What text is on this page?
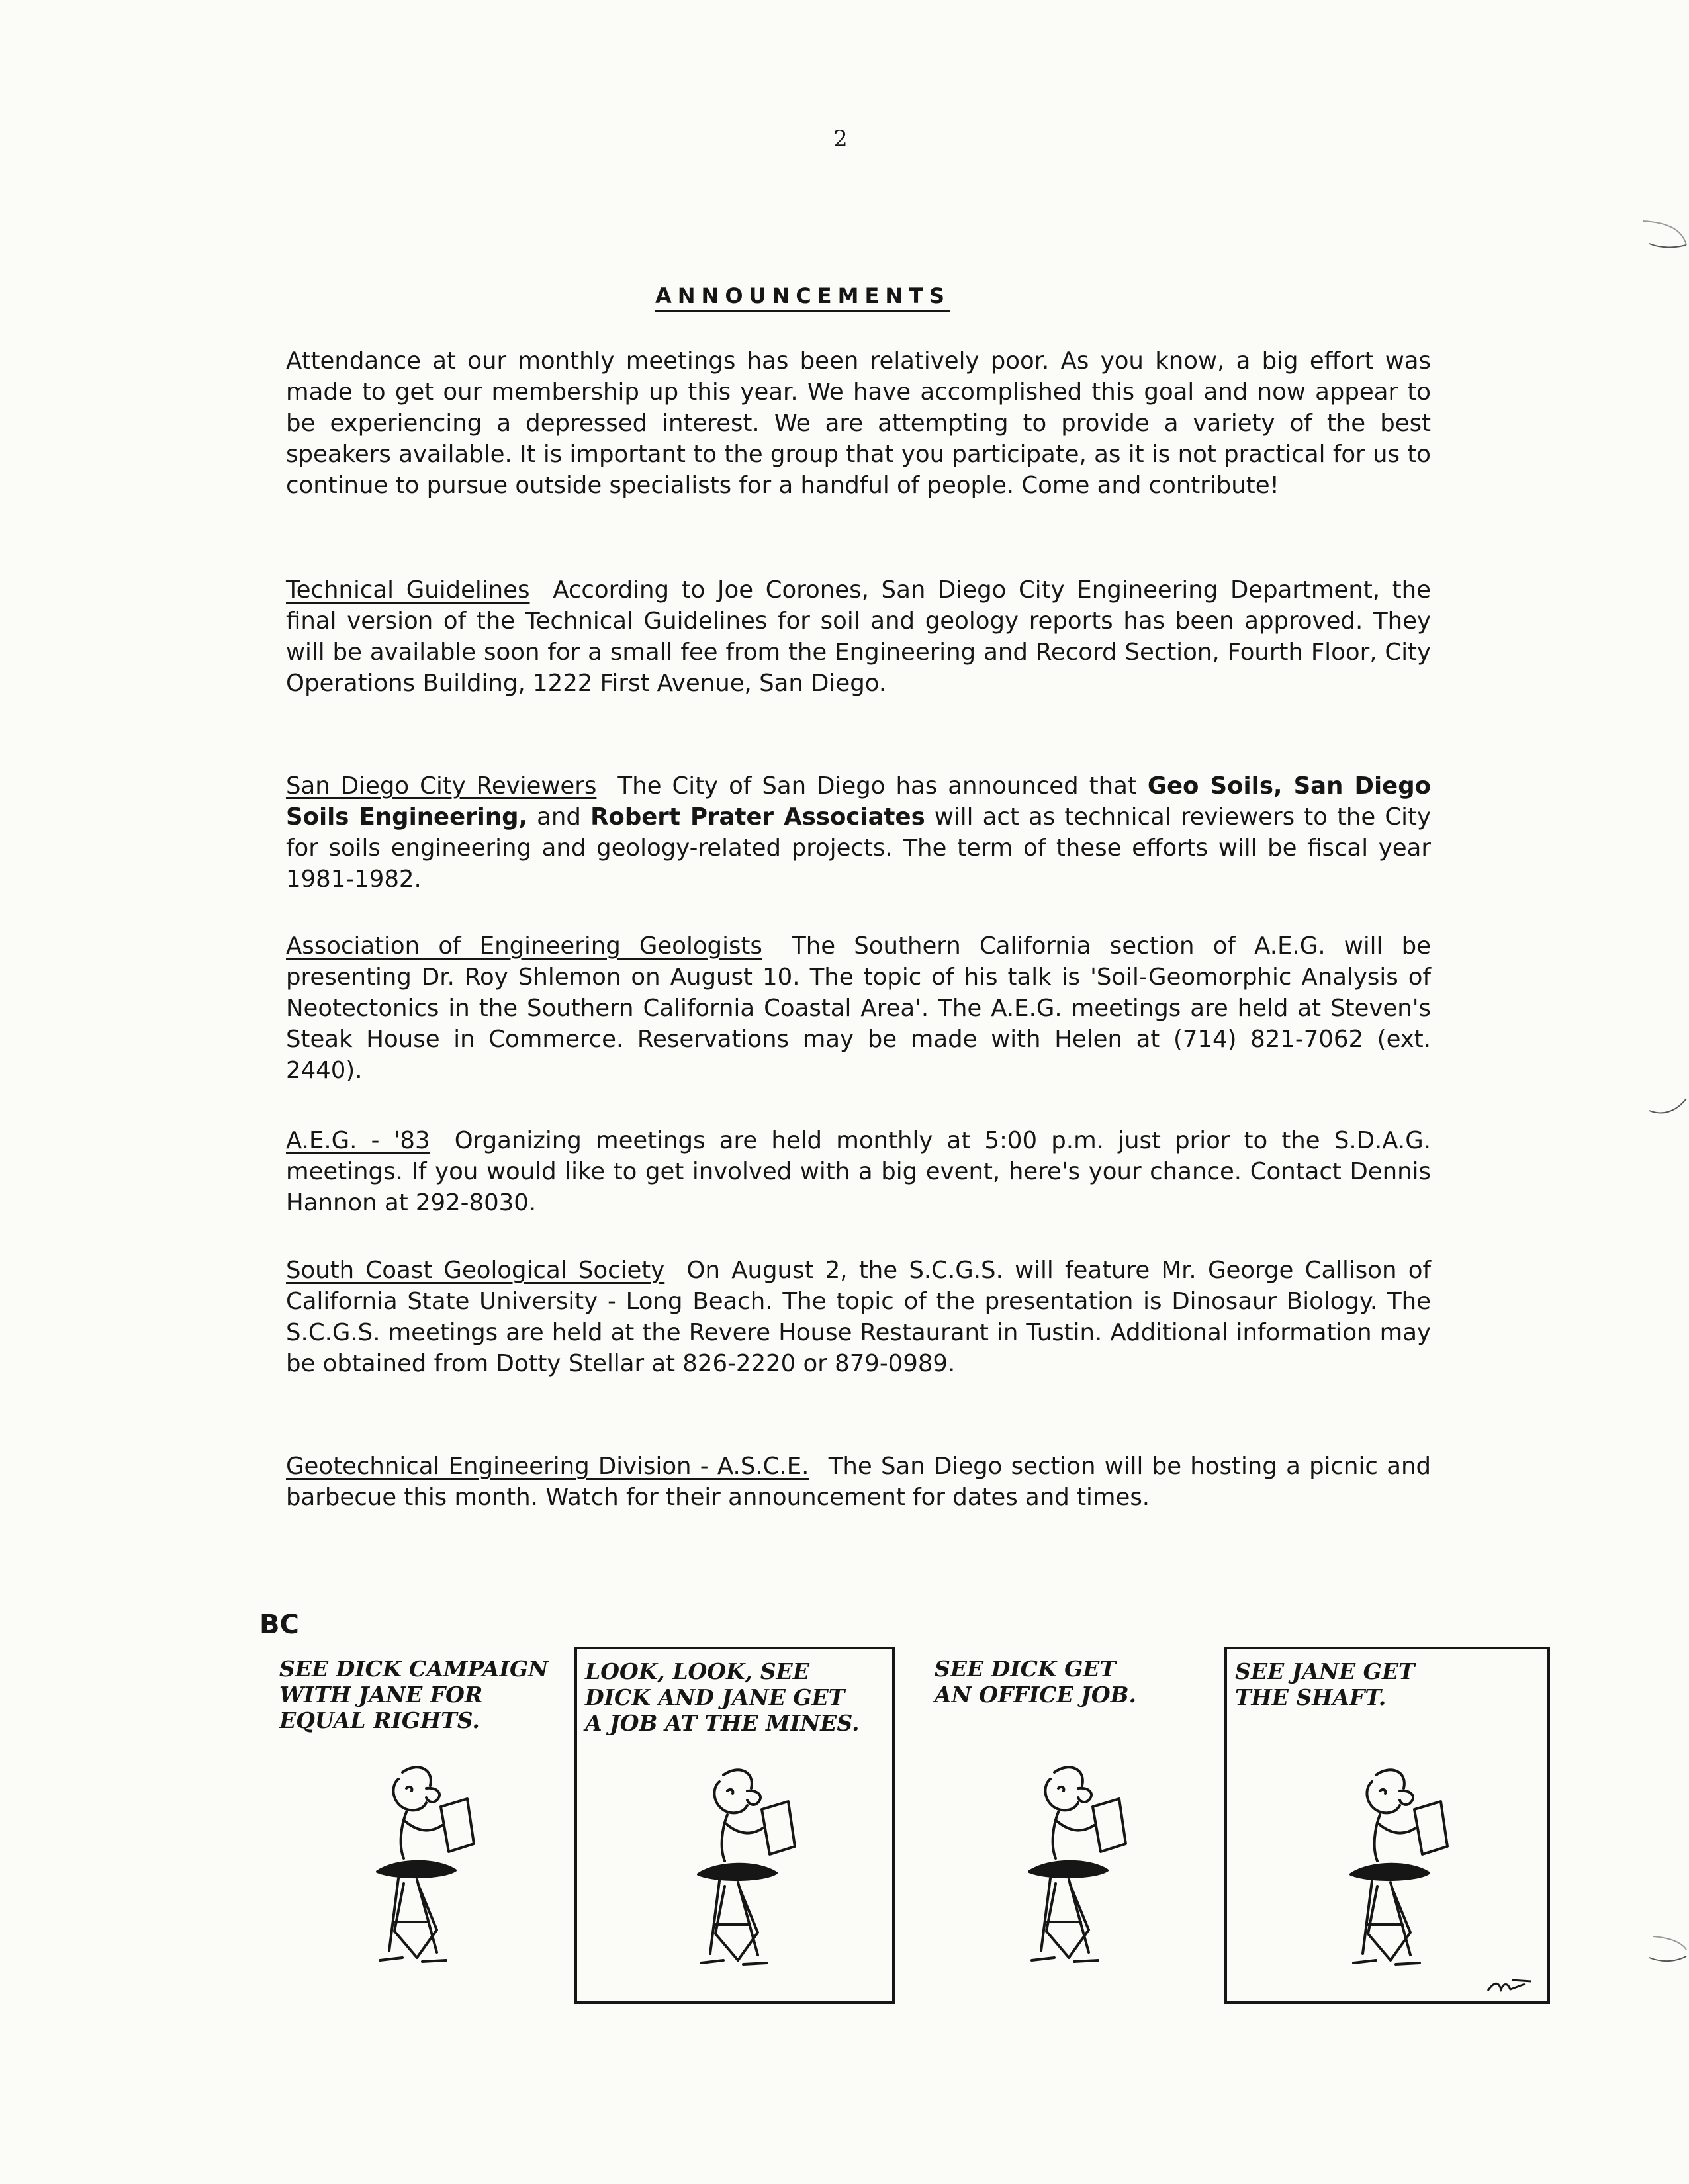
2
ANNOUNCEMENTS

Attendance at our monthly meetings has been relatively poor. As you know, a big effort was made to get our membership up this year. We have accomplished this goal and now appear to be experiencing a depressed interest. We are attempting to provide a variety of the best speakers available. It is important to the group that you participate, as it is not practical for us to continue to pursue outside specialists for a handful of people. Come and contribute!

Technical Guidelines According to Joe Corones, San Diego City Engineering Department, the final version of the Technical Guidelines for soil and geology reports has been approved. They will be available soon for a small fee from the Engineering and Record Section, Fourth Floor, City Operations Building, 1222 First Avenue, San Diego.

San Diego City Reviewers The City of San Diego has announced that Geo Soils, San Diego Soils Engineering, and Robert Prater Associates will act as technical reviewers to the City for soils engineering and geology-related projects. The term of these efforts will be fiscal year 1981-1982.

Association of Engineering Geologists The Southern California section of A.E.G. will be presenting Dr. Roy Shlemon on August 10. The topic of his talk is 'Soil-Geomorphic Analysis of Neotectonics in the Southern California Coastal Area'. The A.E.G. meetings are held at Steven's Steak House in Commerce. Reservations may be made with Helen at (714) 821-7062 (ext. 2440).

A.E.G. - '83 Organizing meetings are held monthly at 5:00 p.m. just prior to the S.D.A.G. meetings. If you would like to get involved with a big event, here's your chance. Contact Dennis Hannon at 292-8030.

South Coast Geological Society On August 2, the S.C.G.S. will feature Mr. George Callison of California State University - Long Beach. The topic of the presentation is Dinosaur Biology. The S.C.G.S. meetings are held at the Revere House Restaurant in Tustin. Additional information may be obtained from Dotty Stellar at 826-2220 or 879-0989.

Geotechnical Engineering Division - A.S.C.E. The San Diego section will be hosting a picnic and barbecue this month. Watch for their announcement for dates and times.

BC
SEE DICK CAMPAIGN
WITH JANE FOR
EQUAL RIGHTS.
LOOK, LOOK, SEE
DICK AND JANE GET
A JOB AT THE MINES.
SEE DICK GET
AN OFFICE JOB.
SEE JANE GET
THE SHAFT.
